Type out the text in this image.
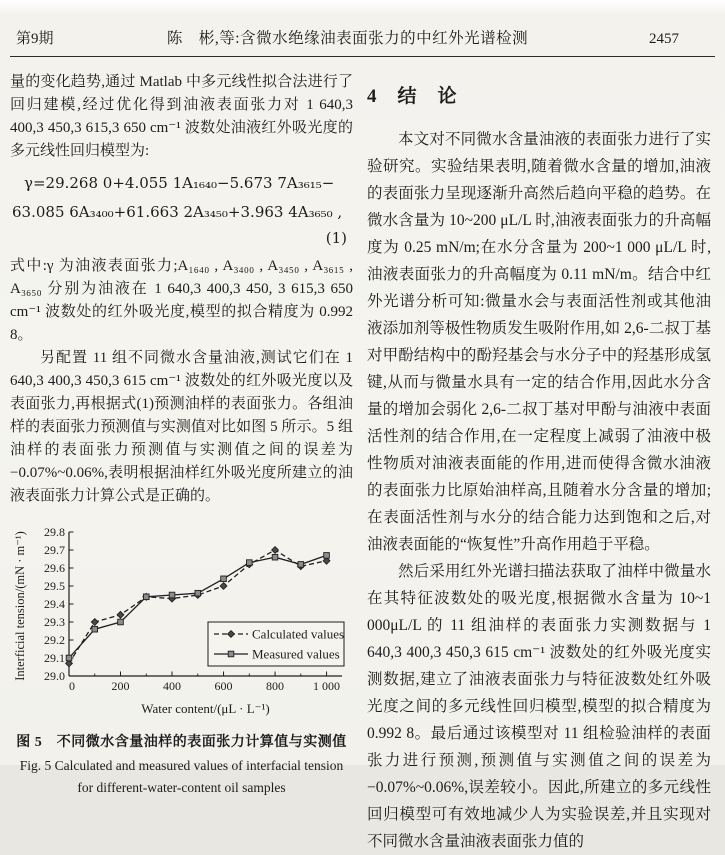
第9期	陈　彬,等:含微水绝缘油表面张力的中红外光谱检测	2457

量的变化趋势,通过 Matlab 中多元线性拟合法进行了回归建模,经过优化得到油液表面张力对 1 640,3 400,3 450,3 615,3 650 cm⁻¹ 波数处油液红外吸光度的多元线性回归模型为:

γ=29.268 0+4.055 1A₁₆₄₀−5.673 7A₃₆₁₅−
63.085 6A₃₄₀₀+61.663 2A₃₄₅₀+3.963 4A₃₆₅₀ ,
(1)

式中:γ 为油液表面张力;A₁₆₄₀ , A₃₄₀₀ , A₃₄₅₀ , A₃₆₁₅ , A₃₆₅₀ 分别为油液在 1 640,3 400,3 450, 3 615,3 650 cm⁻¹ 波数处的红外吸光度,模型的拟合精度为 0.992 8。

另配置 11 组不同微水含量油液,测试它们在 1 640,3 400,3 450,3 615 cm⁻¹ 波数处的红外吸光度以及表面张力,再根据式(1)预测油样的表面张力。各组油样的表面张力预测值与实测值对比如图 5 所示。5 组油样的表面张力预测值与实测值之间的误差为−0.07%~0.06%,表明根据油样红外吸光度所建立的油液表面张力计算公式是正确的。

29.0
29.1
29.2
29.3
29.4
29.5
29.6
29.7
29.8
0	200	400	600	800 1 000
Water content/(μL · L⁻¹)
Interficial tension/(mN · m⁻¹)	Calculated values
Measured values
图 5　不同微水含量油样的表面张力计算值与实测值
Fig. 5 Calculated and measured values of interfacial tension
for different-water-content oil samples
4　结　论

本文对不同微水含量油液的表面张力进行了实验研究。实验结果表明,随着微水含量的增加,油液的表面张力呈现逐渐升高然后趋向平稳的趋势。在微水含量为 10~200 μL/L 时,油液表面张力的升高幅度为 0.25 mN/m;在水分含量为 200~1 000 μL/L 时,油液表面张力的升高幅度为 0.11 mN/m。结合中红外光谱分析可知:微量水会与表面活性剂或其他油液添加剂等极性物质发生吸附作用,如 2,6-二叔丁基对甲酚结构中的酚羟基会与水分子中的羟基形成氢键,从而与微量水具有一定的结合作用,因此水分含量的增加会弱化 2,6-二叔丁基对甲酚与油液中表面活性剂的结合作用,在一定程度上减弱了油液中极性物质对油液表面能的作用,进而使得含微水油液的表面张力比原始油样高,且随着水分含量的增加;在表面活性剂与水分的结合能力达到饱和之后,对油液表面能的“恢复性”升高作用趋于平稳。

然后采用红外光谱扫描法获取了油样中微量水在其特征波数处的吸光度,根据微水含量为 10~1 000μL/L 的 11 组油样的表面张力实测数据与 1 640,3 400,3 450,3 615 cm⁻¹ 波数处的红外吸光度实测数据,建立了油液表面张力与特征波数处红外吸光度之间的多元线性回归模型,模型的拟合精度为 0.992 8。最后通过该模型对 11 组检验油样的表面张力进行预测,预测值与实测值之间的误差为−0.07%~0.06%,误差较小。因此,所建立的多元线性回归模型可有效地减少人为实验误差,并且实现对不同微水含量油液表面张力值的
